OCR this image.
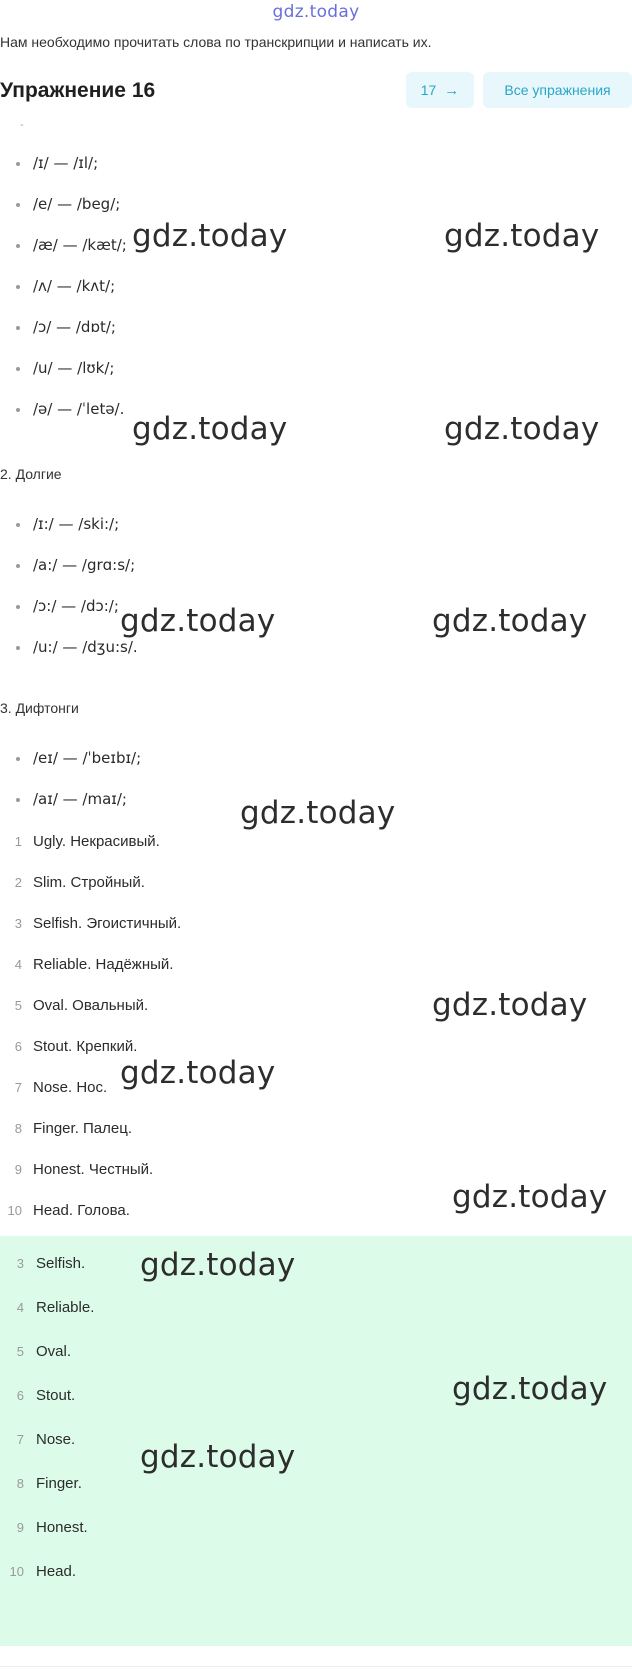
gdz.today
Нам необходимо прочитать слова по транскрипции и написать их.
Упражнение 16	17 →	Все упражнения
-
/ɪ/ — /ɪl/;
/e/ — /beg/;
/æ/ — /kæt/;
/ʌ/ — /kʌt/;
/ɔ/ — /dɒt/;
/u/ — /lʊk/;
/ə/ — /ˈletə/.
2. Долгие
/ɪ:/ — /ski:/;
/a:/ — /grɑ:s/;
/ɔ:/ — /dɔ:/;
/u:/ — /dʒu:s/.
3. Дифтонги
/eɪ/ — /ˈbeɪbɪ/;
/aɪ/ — /maɪ/;
1 Ugly. Некрасивый.
2 Slim. Стройный.
3 Selfish. Эгоистичный.
4 Reliable. Надёжный.
5 Oval. Овальный.
6 Stout. Крепкий.
7 Nose. Нос.
8 Finger. Палец.
9 Honest. Честный.
10 Head. Голова.
3 Selfish.
4 Reliable.
5 Oval.
6 Stout.
7 Nose.
8 Finger.
9 Honest.
10 Head.
gdz.today	gdz.today
gdz.today	gdz.today
gdz.today	gdz.today
gdz.today
gdz.today
gdz.today
gdz.today
gdz.today
gdz.today
gdz.today
